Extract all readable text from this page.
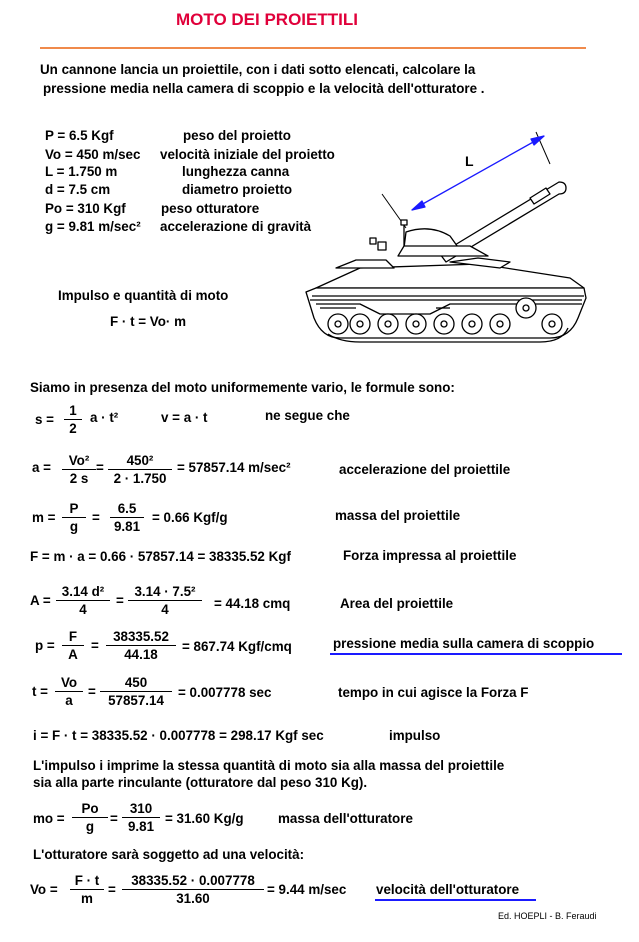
MOTO DEI PROIETTILI
Un cannone lancia un proiettile, con i dati sotto elencati, calcolare la
pressione media nella camera di scoppio e la velocità dell'otturatore .
P = 6.5 Kgf	peso del proietto
Vo = 450 m/sec velocità iniziale del proietto
L = 1.750 m	lunghezza canna
d = 7.5 cm	diametro proietto
Po = 310 Kgf	peso otturatore
g = 9.81 m/sec² accelerazione di gravità
L
Impulso e quantità di moto
F · t = Vo· m
Siamo in presenza del moto uniformemente vario, le formule sono:
$s = \frac{1}{2}$ a · t²	v = a · t	ne segue che
$a = \frac{\text{Vo²}}{2 s} = \frac{\text{450²}}{2 \cdot 1.750} = 57857.14$ m/sec²	accelerazione del proiettile
$m = \frac{P}{g} = \frac{6.5}{9.81} = 0.66$ Kgf/g	massa del proiettile
F = m · a = 0.66 · 57857.14 = 38335.52 Kgf	Forza impressa al proiettile
$A = \frac{\text{3.14 d²}}{4} = \frac{\text{3.14 · 7.5²}}{4} = 44.18$ cmq	Area del proiettile
$p = \frac{F}{A} = \frac{38335.52}{44.18} = 867.74$ Kgf/cmq	pressione media sulla camera di scoppio
$t = \frac{Vo}{a} = \frac{450}{57857.14} = 0.007778$ sec	tempo in cui agisce la Forza F
i = F · t = 38335.52 · 0.007778 = 298.17 Kgf sec	impulso
L'impulso i imprime la stessa quantità di moto sia alla massa del proiettile
sia alla parte rinculante (otturatore dal peso 310 Kg).
mo = $\frac{Po}{g} = \frac{310}{9.81} = 31.60$ Kg/g	massa dell'otturatore
L'otturatore sarà soggetto ad una velocità:
$Vo = \frac{F \cdot t}{m} = \frac{38335.52 \cdot 0.007778}{31.60} = 9.44$ m/sec velocità dell'otturatore
Ed. HOEPLI - B. Feraudi
